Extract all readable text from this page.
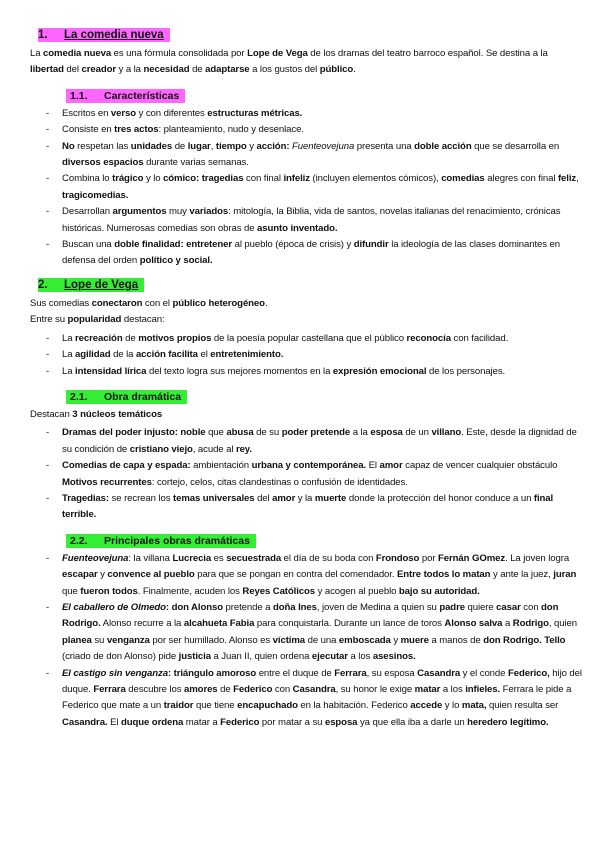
1. La comedia nueva

La comedia nueva es una fórmula consolidada por Lope de Vega de los dramas del teatro barroco español. Se destina a la libertad del creador y a la necesidad de adaptarse a los gustos del público.

1.1. Características
- Escritos en verso y con diferentes estructuras métricas.
- Consiste en tres actos: planteamiento, nudo y desenlace.
- No respetan las unidades de lugar, tiempo y acción: Fuenteovejuna presenta una doble acción que se desarrolla en diversos espacios durante varias semanas.
- Combina lo trágico y lo cómico: tragedias con final infeliz (incluyen elementos cómicos), comedias alegres con final feliz, tragicomedias.
- Desarrollan argumentos muy variados: mitología, la Biblia, vida de santos, novelas italianas del renacimiento, crónicas históricas. Numerosas comedias son obras de asunto inventado.
- Buscan una doble finalidad: entretener al pueblo (época de crisis) y difundir la ideología de las clases dominantes en defensa del orden político y social.
2. Lope de Vega

Sus comedias conectaron con el público heterogéneo.

Entre su popularidad destacan:

- La recreación de motivos propios de la poesía popular castellana que el público reconocía con facilidad.
- La agilidad de la acción facilita el entretenimiento.
- La intensidad lírica del texto logra sus mejores momentos en la expresión emocional de los personajes.
2.1. Obra dramática

Destacan 3 núcleos temáticos

- Dramas del poder injusto: noble que abusa de su poder pretende a la esposa de un villano. Este, desde la dignidad de su condición de cristiano viejo, acude al rey.
- Comedias de capa y espada: ambientación urbana y contemporánea. El amor capaz de vencer cualquier obstáculo Motivos recurrentes: cortejo, celos, citas clandestinas o confusión de identidades.
- Tragedias: se recrean los temas universales del amor y la muerte donde la protección del honor conduce a un final terrible.
2.2. Principales obras dramáticas
- Fuenteovejuna: la villana Lucrecia es secuestrada el día de su boda con Frondoso por Fernán GOmez. La joven logra escapar y convence al pueblo para que se pongan en contra del comendador. Entre todos lo matan y ante la juez, juran que fueron todos. Finalmente, acuden los Reyes Católicos y acogen al pueblo bajo su autoridad.
- El caballero de Olmedo: don Alonso pretende a doña Ines, joven de Medina a quien su padre quiere casar con don Rodrigo. Alonso recurre a la alcahueta Fabia para conquistarla. Durante un lance de toros Alonso salva a Rodrigo, quien planea su venganza por ser humillado. Alonso es víctima de una emboscada y muere a manos de don Rodrigo. Tello (criado de don Alonso) pide justicia a Juan II, quien ordena ejecutar a los asesinos.
- El castigo sin venganza: triángulo amoroso entre el duque de Ferrara, su esposa Casandra y el conde Federico, hijo del duque. Ferrara descubre los amores de Federico con Casandra, su honor le exige matar a los infieles. Ferrara le pide a Federico que mate a un traidor que tiene encapuchado en la habitación. Federico accede y lo mata, quien resulta ser Casandra. El duque ordena matar a Federico por matar a su esposa ya que ella iba a darle un heredero legítimo.
